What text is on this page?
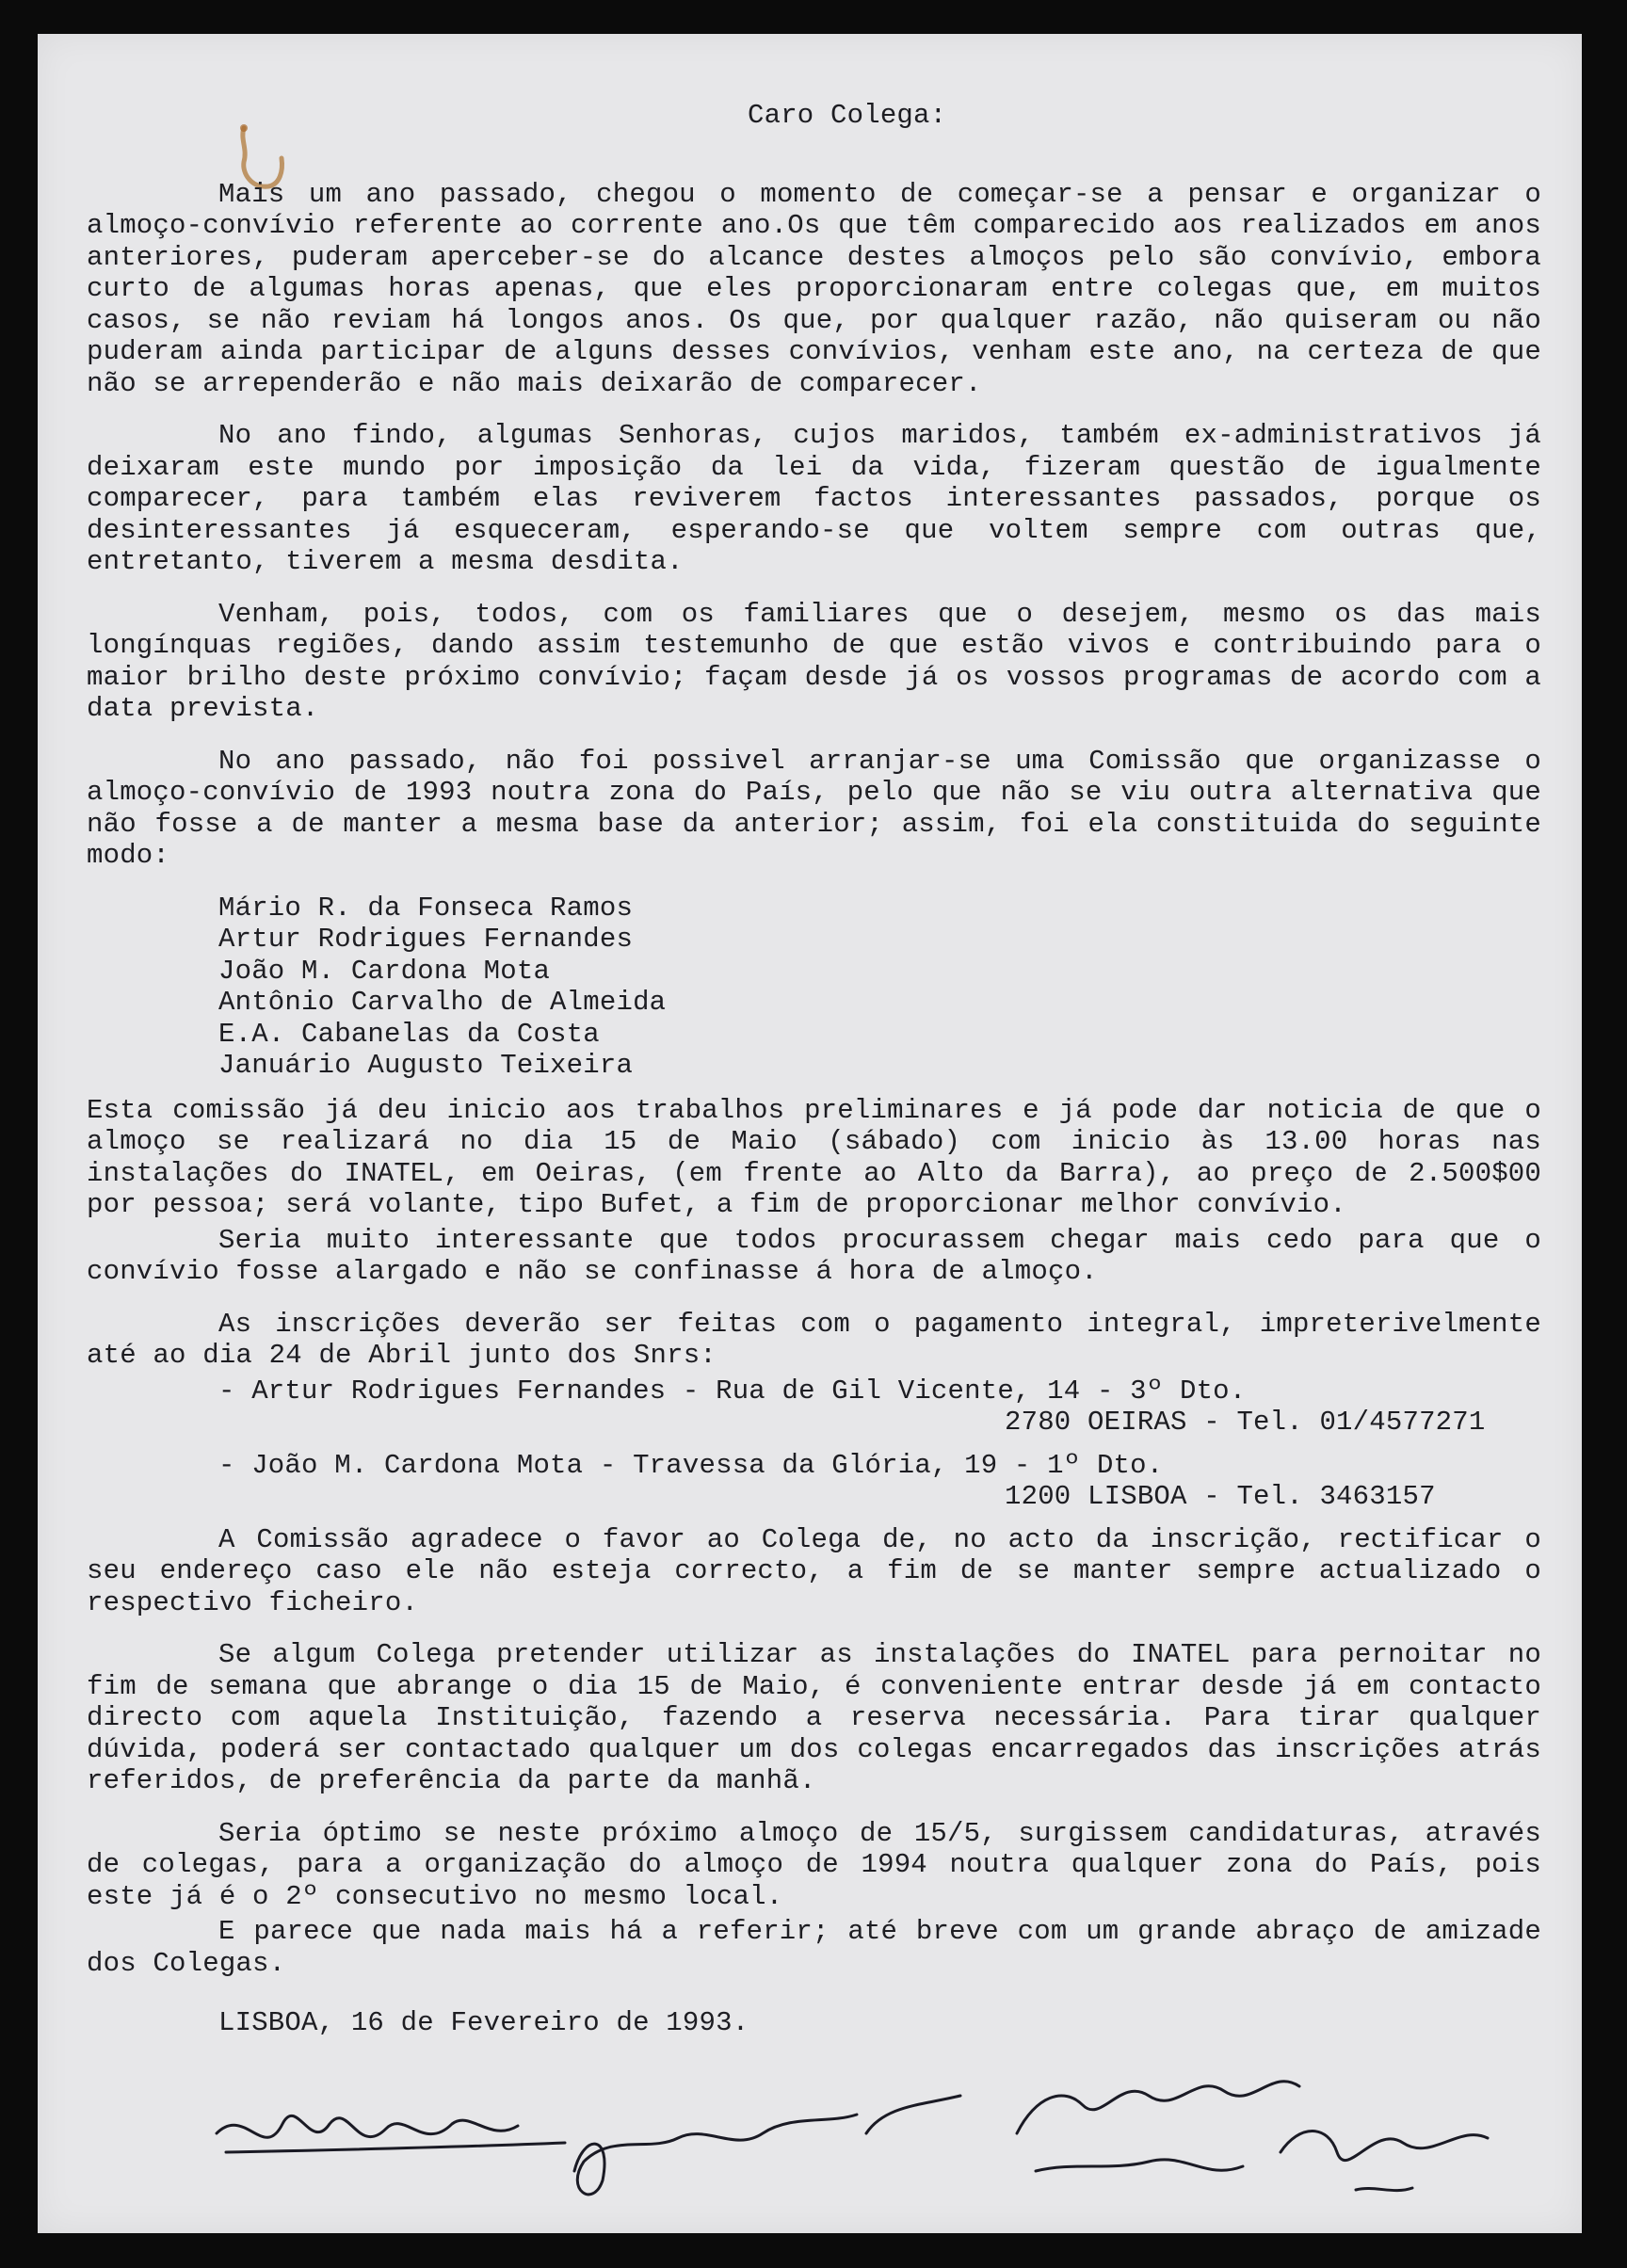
Caro Colega:

Mais um ano passado, chegou o momento de começar-se a pensar e organizar o almoço-convívio referente ao corrente ano.Os que têm comparecido aos realizados em anos anteriores, puderam aperceber-se do alcance destes almoços pelo são convívio, embora curto de algumas horas apenas, que eles proporcionaram entre colegas que, em muitos casos, se não reviam há longos anos. Os que, por qualquer razão, não quiseram ou não puderam ainda participar de alguns desses convívios, venham este ano, na certeza de que não se arrependerão e não mais deixarão de comparecer.

No ano findo, algumas Senhoras, cujos maridos, também ex-administrativos já deixaram este mundo por imposição da lei da vida, fizeram questão de igualmente comparecer, para também elas reviverem factos interessantes passados, porque os desinteressantes já esqueceram, esperando-se que voltem sempre com outras que, entretanto, tiverem a mesma desdita.

Venham, pois, todos, com os familiares que o desejem, mesmo os das mais longínquas regiões, dando assim testemunho de que estão vivos e contribuindo para o maior brilho deste próximo convívio; façam desde já os vossos programas de acordo com a data prevista.

No ano passado, não foi possivel arranjar-se uma Comissão que organizasse o almoço-convívio de 1993 noutra zona do País, pelo que não se viu outra alternativa que não fosse a de manter a mesma base da anterior; assim, foi ela constituida do seguinte modo:

Mário R. da Fonseca Ramos
Artur Rodrigues Fernandes
João M. Cardona Mota
Antônio Carvalho de Almeida
E.A. Cabanelas da Costa
Januário Augusto Teixeira

Esta comissão já deu inicio aos trabalhos preliminares e já pode dar noticia de que o almoço se realizará no dia 15 de Maio (sábado) com inicio às 13.00 horas nas instalações do INATEL, em Oeiras, (em frente ao Alto da Barra), ao preço de 2.500$00 por pessoa; será volante, tipo Bufet, a fim de proporcionar melhor convívio.

Seria muito interessante que todos procurassem chegar mais cedo para que o convívio fosse alargado e não se confinasse á hora de almoço.

As inscrições deverão ser feitas com o pagamento integral, impreterivelmente até ao dia 24 de Abril junto dos Snrs:

- Artur Rodrigues Fernandes - Rua de Gil Vicente, 14 - 3º Dto.
2780 OEIRAS - Tel. 01/4577271
- João M. Cardona Mota - Travessa da Glória, 19 - 1º Dto.
1200 LISBOA - Tel. 3463157

A Comissão agradece o favor ao Colega de, no acto da inscrição, rectificar o seu endereço caso ele não esteja correcto, a fim de se manter sempre actualizado o respectivo ficheiro.

Se algum Colega pretender utilizar as instalações do INATEL para pernoitar no fim de semana que abrange o dia 15 de Maio, é conveniente entrar desde já em contacto directo com aquela Instituição, fazendo a reserva necessária. Para tirar qualquer dúvida, poderá ser contactado qualquer um dos colegas encarregados das inscrições atrás referidos, de preferência da parte da manhã.

Seria óptimo se neste próximo almoço de 15/5, surgissem candidaturas, através de colegas, para a organização do almoço de 1994 noutra qualquer zona do País, pois este já é o 2º consecutivo no mesmo local.

E parece que nada mais há a referir; até breve com um grande abraço de amizade dos Colegas.

LISBOA, 16 de Fevereiro de 1993.
